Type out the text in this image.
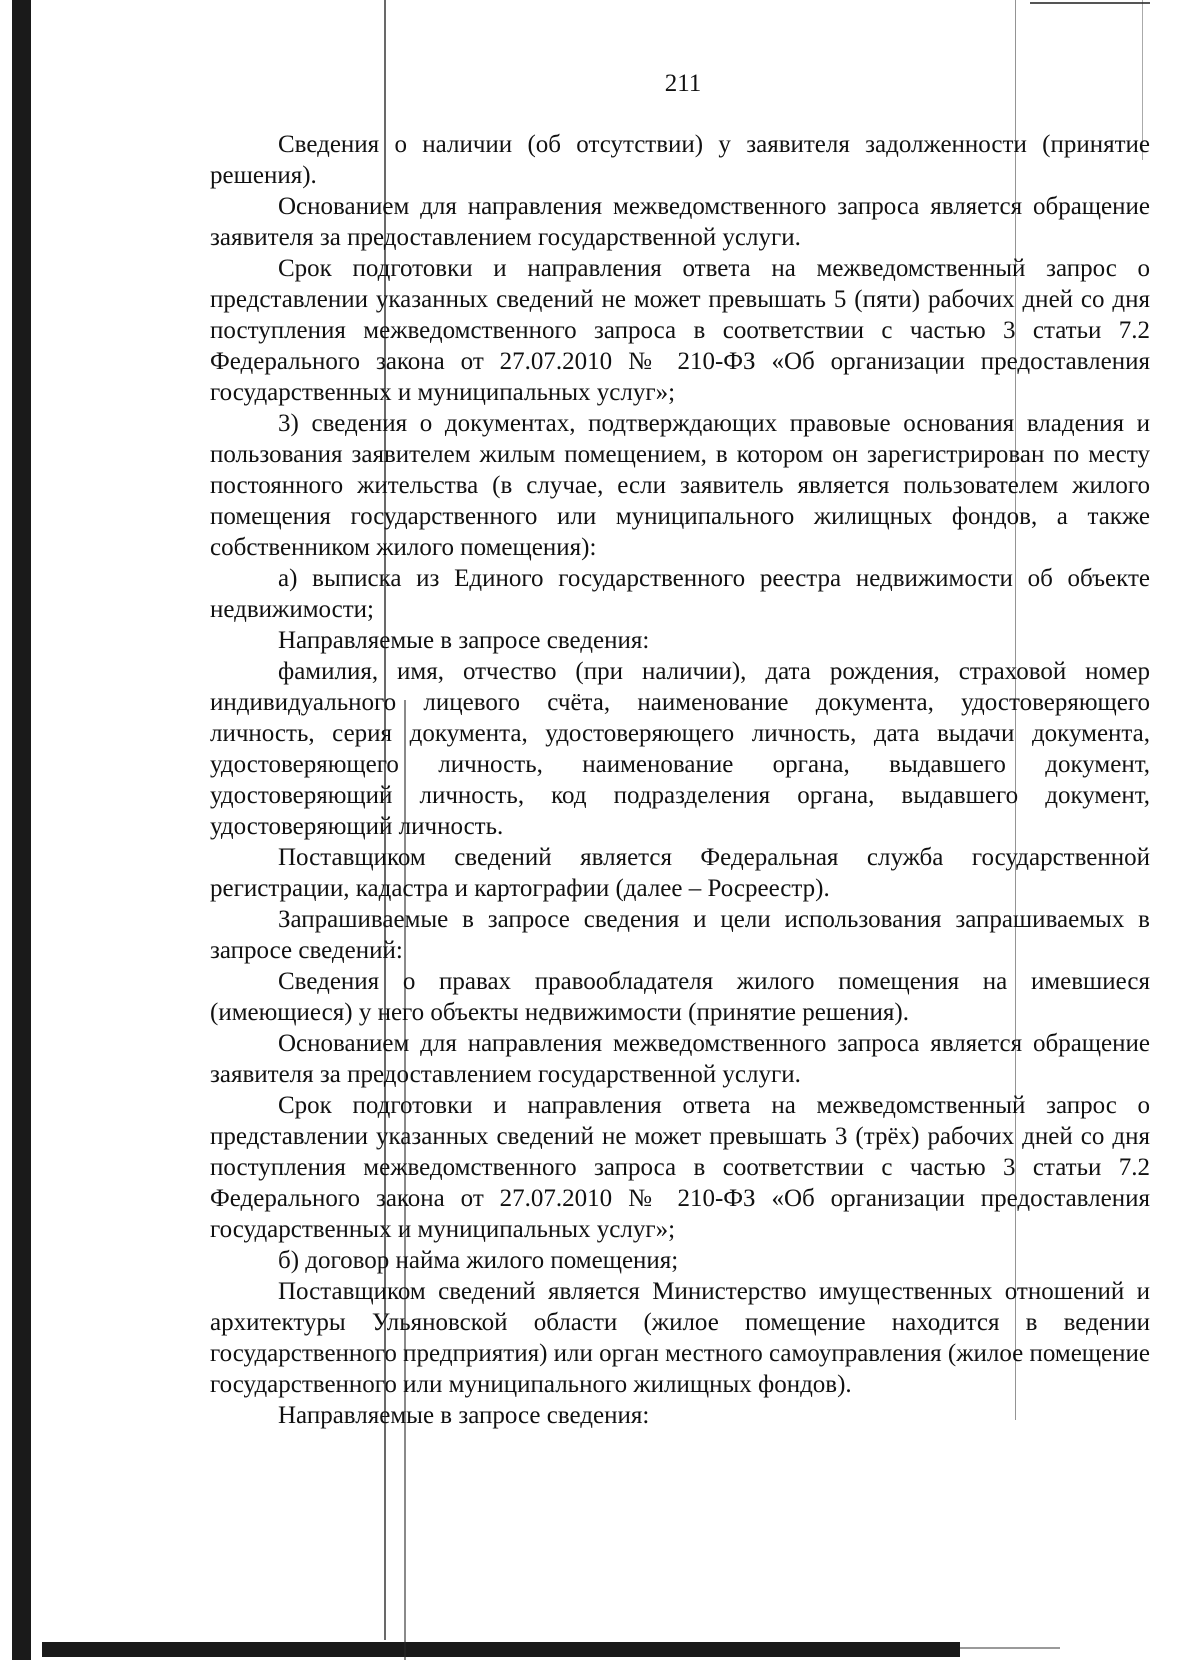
211

Сведения о наличии (об отсутствии) у заявителя задолженности (принятие решения).

Основанием для направления межведомственного запроса является обращение заявителя за предоставлением государственной услуги.

Срок подготовки и направления ответа на межведомственный запрос о представлении указанных сведений не может превышать 5 (пяти) рабочих дней со дня поступления межведомственного запроса в соответствии с частью 3 статьи 7.2 Федерального закона от 27.07.2010 № 210-ФЗ «Об организации предоставления государственных и муниципальных услуг»;

3) сведения о документах, подтверждающих правовые основания владения и пользования заявителем жилым помещением, в котором он зарегистрирован по месту постоянного жительства (в случае, если заявитель является пользователем жилого помещения государственного или муниципального жилищных фондов, а также собственником жилого помещения):

а) выписка из Единого государственного реестра недвижимости об объекте недвижимости;

Направляемые в запросе сведения:

фамилия, имя, отчество (при наличии), дата рождения, страховой номер индивидуального лицевого счёта, наименование документа, удостоверяющего личность, серия документа, удостоверяющего личность, дата выдачи документа, удостоверяющего личность, наименование органа, выдавшего документ, удостоверяющий личность, код подразделения органа, выдавшего документ, удостоверяющий личность.

Поставщиком сведений является Федеральная служба государственной регистрации, кадастра и картографии (далее – Росреестр).

Запрашиваемые в запросе сведения и цели использования запрашиваемых в запросе сведений:

Сведения о правах правообладателя жилого помещения на имевшиеся (имеющиеся) у него объекты недвижимости (принятие решения).

Основанием для направления межведомственного запроса является обращение заявителя за предоставлением государственной услуги.

Срок подготовки и направления ответа на межведомственный запрос о представлении указанных сведений не может превышать 3 (трёх) рабочих дней со дня поступления межведомственного запроса в соответствии с частью 3 статьи 7.2 Федерального закона от 27.07.2010 № 210-ФЗ «Об организации предоставления государственных и муниципальных услуг»;

б) договор найма жилого помещения;

Поставщиком сведений является Министерство имущественных отношений и архитектуры Ульяновской области (жилое помещение находится в ведении государственного предприятия) или орган местного самоуправления (жилое помещение государственного или муниципального жилищных фондов).

Направляемые в запросе сведения:
